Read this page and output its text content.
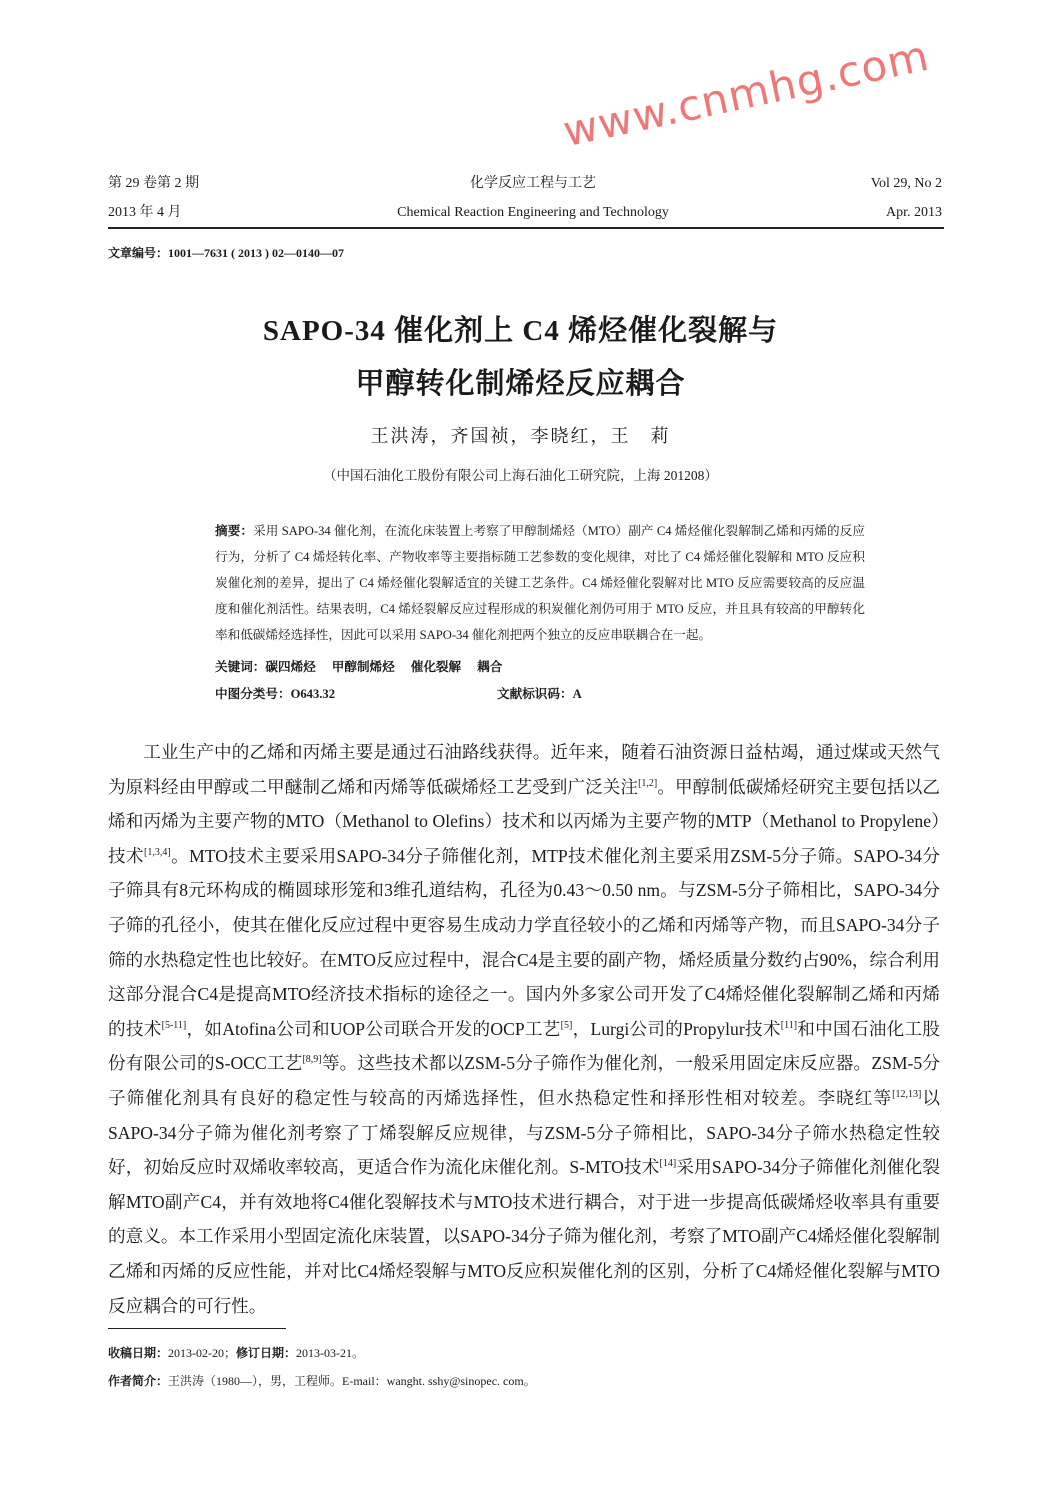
www.cnmhg.com
第 29 卷第 2 期
2013 年 4 月
化学反应工程与工艺
Chemical Reaction Engineering and Technology
Vol 29, No 2
Apr. 2013
文章编号：1001—7631 ( 2013 ) 02—0140—07
SAPO-34 催化剂上 C4 烯烃催化裂解与
甲醇转化制烯烃反应耦合
王洪涛，齐国祯，李晓红，王　莉
（中国石油化工股份有限公司上海石油化工研究院，上海 201208）
摘要：采用 SAPO-34 催化剂，在流化床装置上考察了甲醇制烯烃（MTO）副产 C4 烯烃催化裂解制乙烯和丙烯的反应行为，分析了 C4 烯烃转化率、产物收率等主要指标随工艺参数的变化规律，对比了 C4 烯烃催化裂解和 MTO 反应积炭催化剂的差异，提出了 C4 烯烃催化裂解适宜的关键工艺条件。C4 烯烃催化裂解对比 MTO 反应需要较高的反应温度和催化剂活性。结果表明，C4 烯烃裂解反应过程形成的积炭催化剂仍可用于 MTO 反应，并且具有较高的甲醇转化率和低碳烯烃选择性，因此可以采用 SAPO-34 催化剂把两个独立的反应串联耦合在一起。
关键词：碳四烯烃 甲醇制烯烃 催化裂解 耦合
中图分类号：O643.32	文献标识码：A
工业生产中的乙烯和丙烯主要是通过石油路线获得。近年来，随着石油资源日益枯竭，通过煤或天然气为原料经由甲醇或二甲醚制乙烯和丙烯等低碳烯烃工艺受到广泛关注[1,2]。甲醇制低碳烯烃研究主要包括以乙烯和丙烯为主要产物的MTO（Methanol to Olefins）技术和以丙烯为主要产物的MTP（Methanol to Propylene）技术[1,3,4]。MTO技术主要采用SAPO-34分子筛催化剂，MTP技术催化剂主要采用ZSM-5分子筛。SAPO-34分子筛具有8元环构成的椭圆球形笼和3维孔道结构，孔径为0.43～0.50 nm。与ZSM-5分子筛相比，SAPO-34分子筛的孔径小，使其在催化反应过程中更容易生成动力学直径较小的乙烯和丙烯等产物，而且SAPO-34分子筛的水热稳定性也比较好。在MTO反应过程中，混合C4是主要的副产物，烯烃质量分数约占90%，综合利用这部分混合C4是提高MTO经济技术指标的途径之一。国内外多家公司开发了C4烯烃催化裂解制乙烯和丙烯的技术[5-11]，如Atofina公司和UOP公司联合开发的OCP工艺[5]，Lurgi公司的Propylur技术[11]和中国石油化工股份有限公司的S-OCC工艺[8,9]等。这些技术都以ZSM-5分子筛作为催化剂，一般采用固定床反应器。ZSM-5分子筛催化剂具有良好的稳定性与较高的丙烯选择性，但水热稳定性和择形性相对较差。李晓红等[12,13]以SAPO-34分子筛为催化剂考察了丁烯裂解反应规律，与ZSM-5分子筛相比，SAPO-34分子筛水热稳定性较好，初始反应时双烯收率较高，更适合作为流化床催化剂。S-MTO技术[14]采用SAPO-34分子筛催化剂催化裂解MTO副产C4，并有效地将C4催化裂解技术与MTO技术进行耦合，对于进一步提高低碳烯烃收率具有重要的意义。本工作采用小型固定流化床装置，以SAPO-34分子筛为催化剂，考察了MTO副产C4烯烃催化裂解制乙烯和丙烯的反应性能，并对比C4烯烃裂解与MTO反应积炭催化剂的区别，分析了C4烯烃催化裂解与MTO反应耦合的可行性。
收稿日期：2013-02-20；修订日期：2013-03-21。
作者简介：王洪涛（1980—），男，工程师。E-mail：wanght. sshy@sinopec. com。
